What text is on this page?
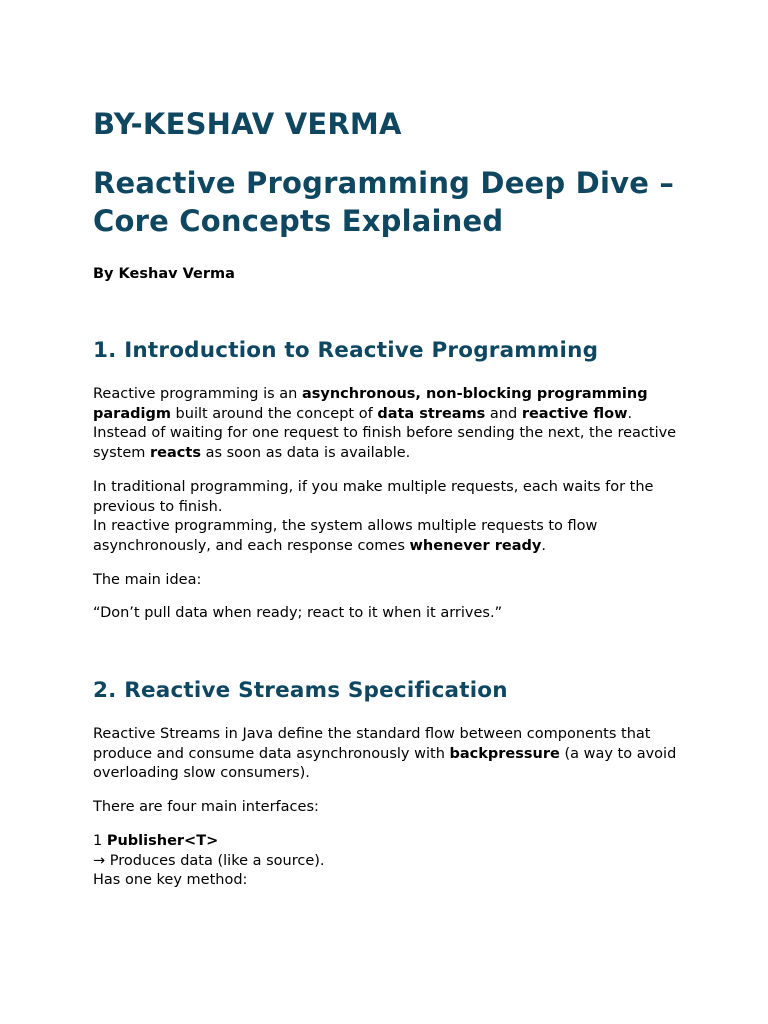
BY-KESHAV VERMA
Reactive Programming Deep Dive – Core Concepts Explained

By Keshav Verma

1. Introduction to Reactive Programming

Reactive programming is an asynchronous, non-blocking programming paradigm built around the concept of data streams and reactive flow.
Instead of waiting for one request to finish before sending the next, the reactive system reacts as soon as data is available.

In traditional programming, if you make multiple requests, each waits for the previous to finish.
In reactive programming, the system allows multiple requests to flow asynchronously, and each response comes whenever ready.

The main idea:

“Don’t pull data when ready; react to it when it arrives.”

2. Reactive Streams Specification

Reactive Streams in Java define the standard flow between components that produce and consume data asynchronously with backpressure (a way to avoid overloading slow consumers).

There are four main interfaces:

1 Publisher<T>
→ Produces data (like a source).
Has one key method:
